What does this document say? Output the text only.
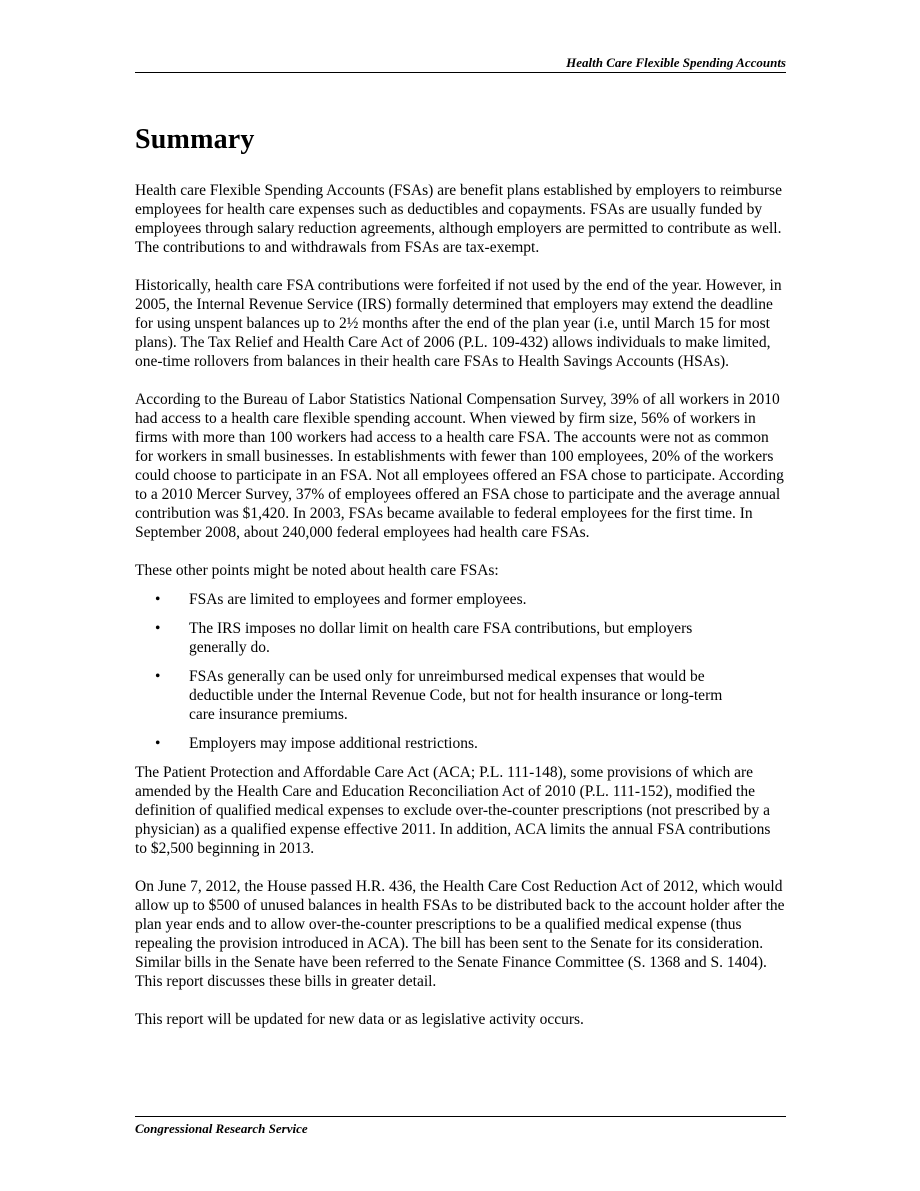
Health Care Flexible Spending Accounts
Summary

Health care Flexible Spending Accounts (FSAs) are benefit plans established by employers to reimburse employees for health care expenses such as deductibles and copayments. FSAs are usually funded by employees through salary reduction agreements, although employers are permitted to contribute as well. The contributions to and withdrawals from FSAs are tax-exempt.

Historically, health care FSA contributions were forfeited if not used by the end of the year. However, in 2005, the Internal Revenue Service (IRS) formally determined that employers may extend the deadline for using unspent balances up to 2½ months after the end of the plan year (i.e, until March 15 for most plans). The Tax Relief and Health Care Act of 2006 (P.L. 109-432) allows individuals to make limited, one-time rollovers from balances in their health care FSAs to Health Savings Accounts (HSAs).

According to the Bureau of Labor Statistics National Compensation Survey, 39% of all workers in 2010 had access to a health care flexible spending account. When viewed by firm size, 56% of workers in firms with more than 100 workers had access to a health care FSA. The accounts were not as common for workers in small businesses. In establishments with fewer than 100 employees, 20% of the workers could choose to participate in an FSA. Not all employees offered an FSA chose to participate. According to a 2010 Mercer Survey, 37% of employees offered an FSA chose to participate and the average annual contribution was $1,420. In 2003, FSAs became available to federal employees for the first time. In September 2008, about 240,000 federal employees had health care FSAs.

These other points might be noted about health care FSAs:

• FSAs are limited to employees and former employees.
• The IRS imposes no dollar limit on health care FSA contributions, but employers generally do.
• FSAs generally can be used only for unreimbursed medical expenses that would be deductible under the Internal Revenue Code, but not for health insurance or long-term care insurance premiums.
• Employers may impose additional restrictions.

The Patient Protection and Affordable Care Act (ACA; P.L. 111-148), some provisions of which are amended by the Health Care and Education Reconciliation Act of 2010 (P.L. 111-152), modified the definition of qualified medical expenses to exclude over-the-counter prescriptions (not prescribed by a physician) as a qualified expense effective 2011. In addition, ACA limits the annual FSA contributions to $2,500 beginning in 2013.

On June 7, 2012, the House passed H.R. 436, the Health Care Cost Reduction Act of 2012, which would allow up to $500 of unused balances in health FSAs to be distributed back to the account holder after the plan year ends and to allow over-the-counter prescriptions to be a qualified medical expense (thus repealing the provision introduced in ACA). The bill has been sent to the Senate for its consideration. Similar bills in the Senate have been referred to the Senate Finance Committee (S. 1368 and S. 1404). This report discusses these bills in greater detail.

This report will be updated for new data or as legislative activity occurs.

Congressional Research Service
